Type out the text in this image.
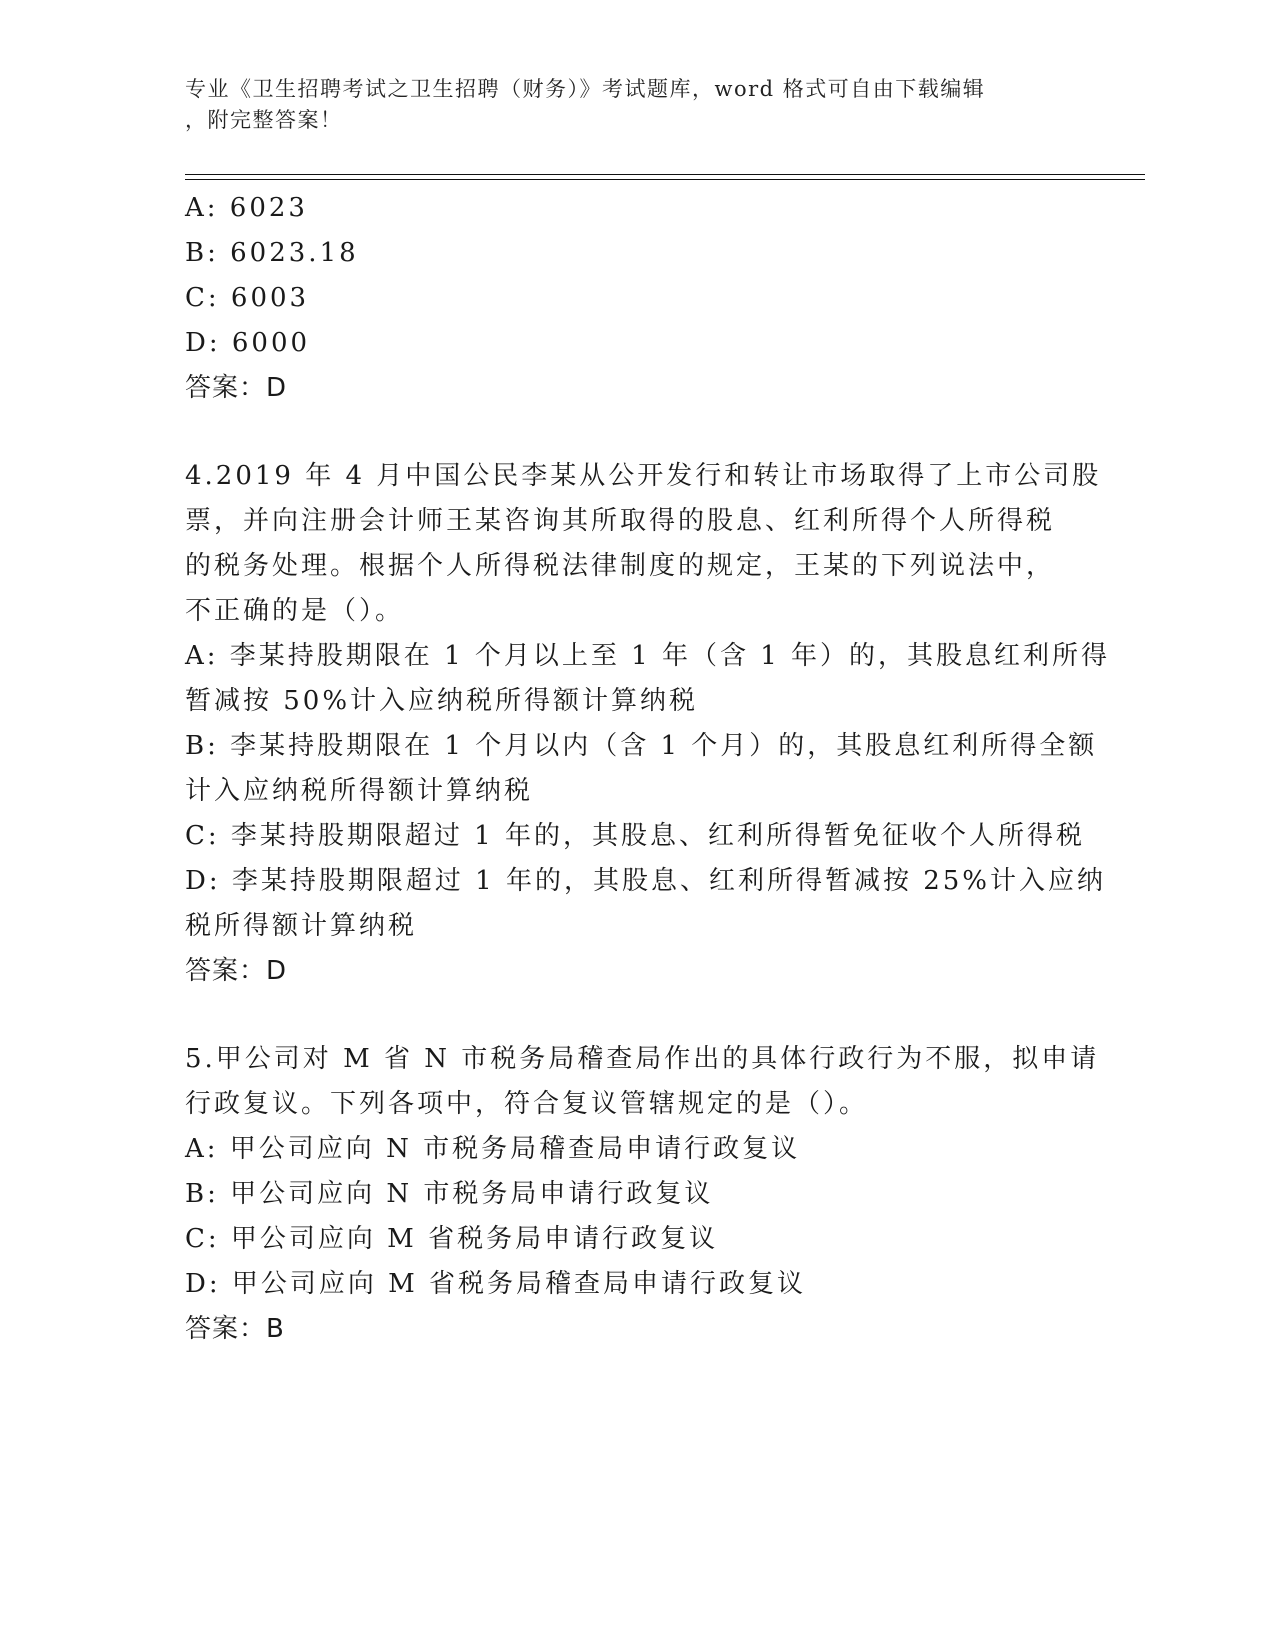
专业《卫生招聘考试之卫生招聘（财务）》考试题库，word 格式可自由下载编辑
，附完整答案！
A: 6023
B: 6023.18
C: 6003
D: 6000
答案：D
4.2019 年 4 月中国公民李某从公开发行和转让市场取得了上市公司股
票，并向注册会计师王某咨询其所取得的股息、红利所得个人所得税
的税务处理。根据个人所得税法律制度的规定，王某的下列说法中，
不正确的是（）。
A: 李某持股期限在 1 个月以上至 1 年（含 1 年）的，其股息红利所得
暂减按 50%计入应纳税所得额计算纳税
B: 李某持股期限在 1 个月以内（含 1 个月）的，其股息红利所得全额
计入应纳税所得额计算纳税
C: 李某持股期限超过 1 年的，其股息、红利所得暂免征收个人所得税
D: 李某持股期限超过 1 年的，其股息、红利所得暂减按 25%计入应纳
税所得额计算纳税
答案：D
5.甲公司对 M 省 N 市税务局稽查局作出的具体行政行为不服，拟申请
行政复议。下列各项中，符合复议管辖规定的是（）。
A: 甲公司应向 N 市税务局稽查局申请行政复议
B: 甲公司应向 N 市税务局申请行政复议
C: 甲公司应向 M 省税务局申请行政复议
D: 甲公司应向 M 省税务局稽查局申请行政复议
答案：B
